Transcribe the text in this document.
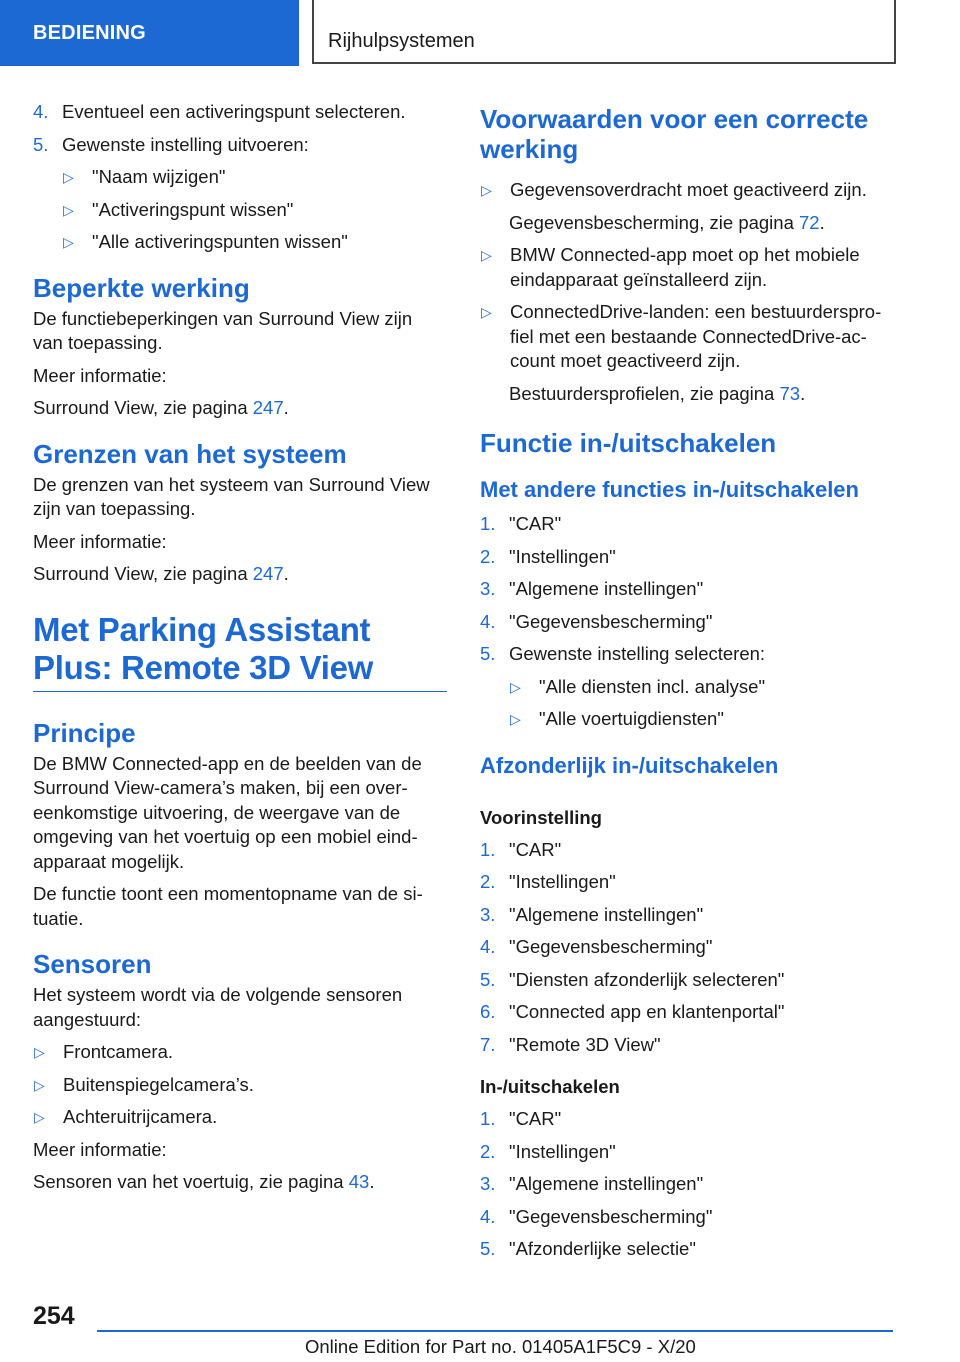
BEDIENING	Rijhulpsystemen
4. Eventueel een activeringspunt selecteren.
5. Gewenste instelling uitvoeren:
▷ "Naam wijzigen"
▷ "Activeringspunt wissen"
▷ "Alle activeringspunten wissen"
Beperkte werking

De functiebeperkingen van Surround View zijn van toepassing.

Meer informatie:

Surround View, zie pagina 247.

Grenzen van het systeem

De grenzen van het systeem van Surround View zijn van toepassing.

Meer informatie:

Surround View, zie pagina 247.

Met Parking Assistant Plus: Remote 3D View
Principe

De BMW Connected-app en de beelden van de Surround View-camera’s maken, bij een over-eenkomstige uitvoering, de weergave van de omgeving van het voertuig op een mobiel eind-apparaat mogelijk.

De functie toont een momentopname van de si-tuatie.

Sensoren

Het systeem wordt via de volgende sensoren aangestuurd:

▷ Frontcamera.
▷ Buitenspiegelcamera’s.
▷ Achteruitrijcamera.

Meer informatie:

Sensoren van het voertuig, zie pagina 43.

Voorwaarden voor een correcte werking
▷ Gegevensoverdracht moet geactiveerd zijn.

Gegevensbescherming, zie pagina 72.

▷ BMW Connected-app moet op het mobiele eindapparaat geïnstalleerd zijn.
▷ ConnectedDrive-landen: een bestuurderspro-fiel met een bestaande ConnectedDrive-ac-count moet geactiveerd zijn.

Bestuurdersprofielen, zie pagina 73.

Functie in-/uitschakelen
Met andere functies in-/uitschakelen
1. "CAR"
2. "Instellingen"
3. "Algemene instellingen"
4. "Gegevensbescherming"
5. Gewenste instelling selecteren:
▷ "Alle diensten incl. analyse"
▷ "Alle voertuigdiensten"
Afzonderlijk in-/uitschakelen
Voorinstelling
1. "CAR"
2. "Instellingen"
3. "Algemene instellingen"
4. "Gegevensbescherming"
5. "Diensten afzonderlijk selecteren"
6. "Connected app en klantenportal"
7. "Remote 3D View"
In-/uitschakelen
1. "CAR"
2. "Instellingen"
3. "Algemene instellingen"
4. "Gegevensbescherming"
5. "Afzonderlijke selectie"
254
Online Edition for Part no. 01405A1F5C9 - X/20
